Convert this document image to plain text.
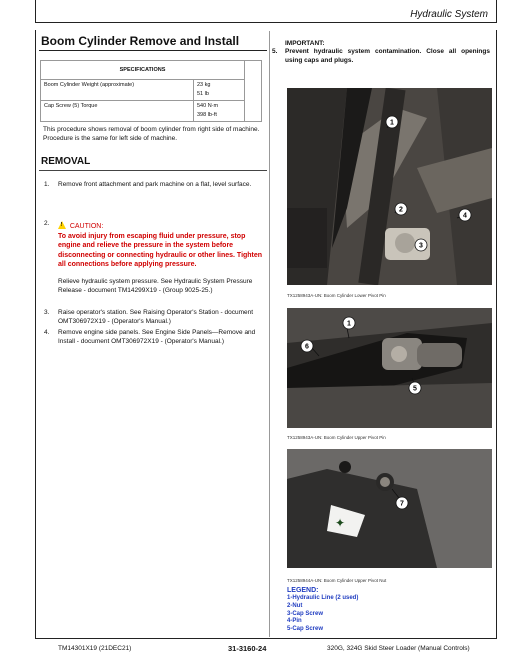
Hydraulic System
Boom Cylinder Remove and Install
SPECIFICATIONS		
Boom Cylinder Weight (approximate)	23 kg
51 lb	

Cap Screw (5) Torque	540 N·m
398 lb-ft	
This procedure shows removal of boom cylinder from right side of machine. Procedure is the same for left side of machine.
REMOVAL
1. Remove front attachment and park machine on a flat, level surface.
2. !	CAUTION:
To avoid injury from escaping fluid under pressure, stop engine and relieve the pressure in the system before disconnecting or connecting hydraulic or other lines. Tighten all connections before applying pressure.
Relieve hydraulic system pressure. See Hydraulic System Pressure Release - document TM14299X19 - (Group 9025-25.)
3. Raise operator's station. See Raising Operator's Station - document OMT306972X19 - (Operator's Manual.)
4. Remove engine side panels. See Engine Side Panels—Remove and Install - document OMT306972X19 - (Operator's Manual.)
IMPORTANT:
5. Prevent hydraulic system contamination. Close all openings using caps and plugs.
1
2
3
4
TX1258943A-UN: Boom Cylinder Lower Pivot Pin
1
5
6
TX1258943A-UN: Boom Cylinder Upper Pivot Pin
✦
7
TX1258944A-UN: Boom Cylinder Upper Pivot Nut
LEGEND:
1-Hydraulic Line (2 used)
2-Nut
3-Cap Screw
4-Pin
5-Cap Screw
TM14301X19 (21DEC21)	31-3160-24	320G, 324G Skid Steer Loader (Manual Controls)
